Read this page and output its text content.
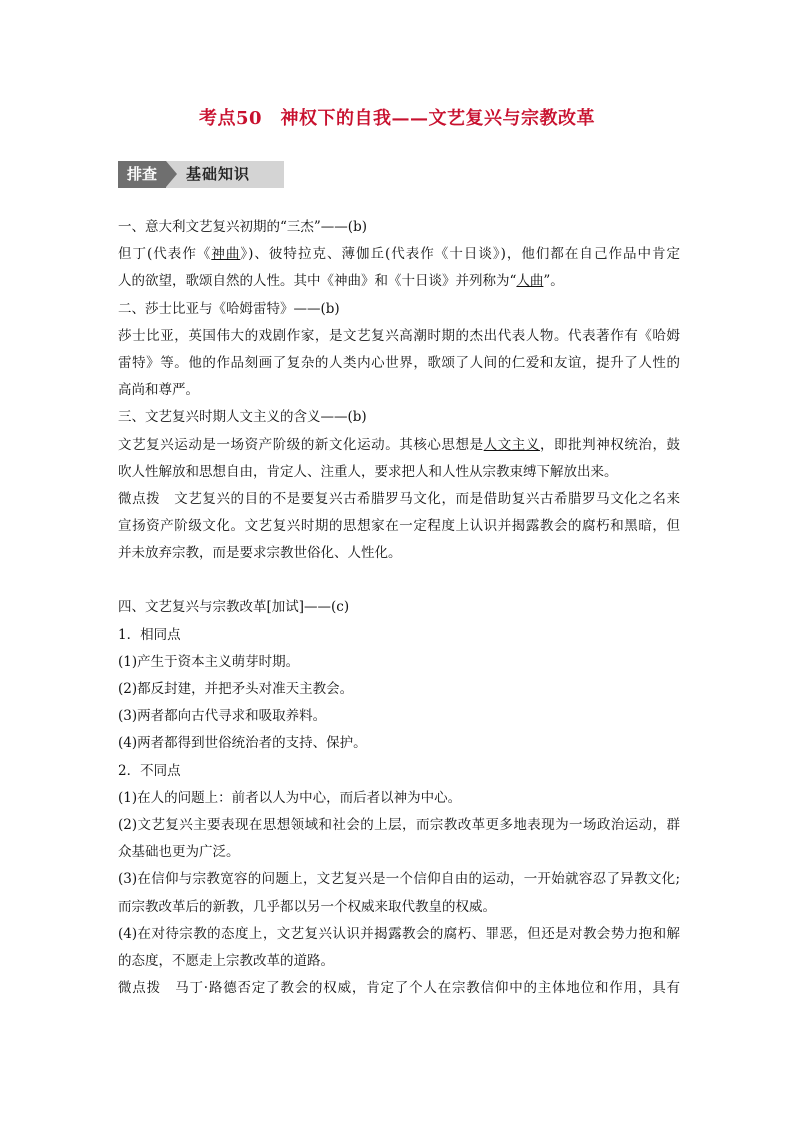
考点50　神权下的自我——文艺复兴与宗教改革
排查	基础知识
一、意大利文艺复兴初期的“三杰”——(b)
但丁(代表作《神曲》)、彼特拉克、薄伽丘(代表作《十日谈》)，他们都在自己作品中肯定
人的欲望，歌颂自然的人性。其中《神曲》和《十日谈》并列称为“人曲”。
二、莎士比亚与《哈姆雷特》——(b)
莎士比亚，英国伟大的戏剧作家，是文艺复兴高潮时期的杰出代表人物。代表著作有《哈姆
雷特》等。他的作品刻画了复杂的人类内心世界，歌颂了人间的仁爱和友谊，提升了人性的
高尚和尊严。
三、文艺复兴时期人文主义的含义——(b)
文艺复兴运动是一场资产阶级的新文化运动。其核心思想是人文主义，即批判神权统治，鼓
吹人性解放和思想自由，肯定人、注重人，要求把人和人性从宗教束缚下解放出来。
微点拨　文艺复兴的目的不是要复兴古希腊罗马文化，而是借助复兴古希腊罗马文化之名来
宣扬资产阶级文化。文艺复兴时期的思想家在一定程度上认识并揭露教会的腐朽和黑暗，但
并未放弃宗教，而是要求宗教世俗化、人性化。
四、文艺复兴与宗教改革[加试]——(c)
1．相同点
(1)产生于资本主义萌芽时期。
(2)都反封建，并把矛头对准天主教会。
(3)两者都向古代寻求和吸取养料。
(4)两者都得到世俗统治者的支持、保护。
2．不同点
(1)在人的问题上：前者以人为中心，而后者以神为中心。
(2)文艺复兴主要表现在思想领域和社会的上层，而宗教改革更多地表现为一场政治运动，群
众基础也更为广泛。
(3)在信仰与宗教宽容的问题上，文艺复兴是一个信仰自由的运动，一开始就容忍了异教文化;
而宗教改革后的新教，几乎都以另一个权威来取代教皇的权威。
(4)在对待宗教的态度上，文艺复兴认识并揭露教会的腐朽、罪恶，但还是对教会势力抱和解
的态度，不愿走上宗教改革的道路。
微点拨　马丁·路德否定了教会的权威，肯定了个人在宗教信仰中的主体地位和作用，具有
